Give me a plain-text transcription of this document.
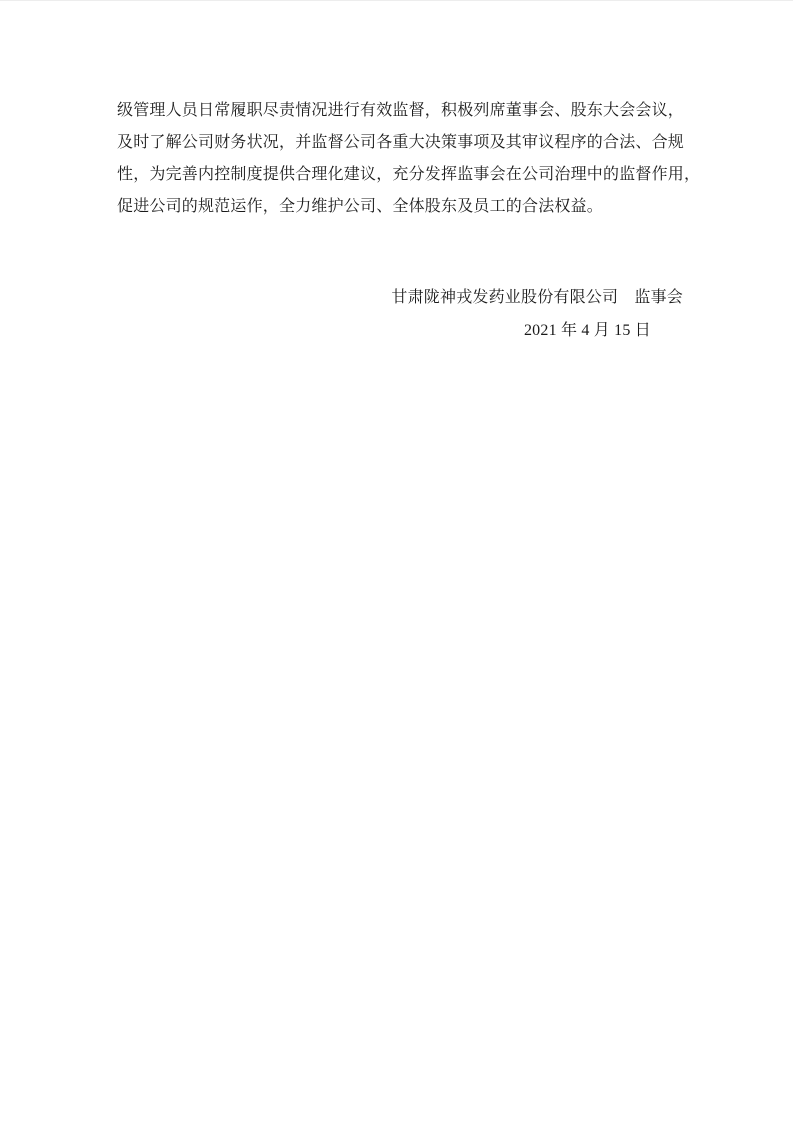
级管理人员日常履职尽责情况进行有效监督，积极列席董事会、股东大会会议，
及时了解公司财务状况，并监督公司各重大决策事项及其审议程序的合法、合规
性，为完善内控制度提供合理化建议，充分发挥监事会在公司治理中的监督作用，
促进公司的规范运作，全力维护公司、全体股东及员工的合法权益。
甘肃陇神戎发药业股份有限公司　监事会
2021 年 4 月 15 日
